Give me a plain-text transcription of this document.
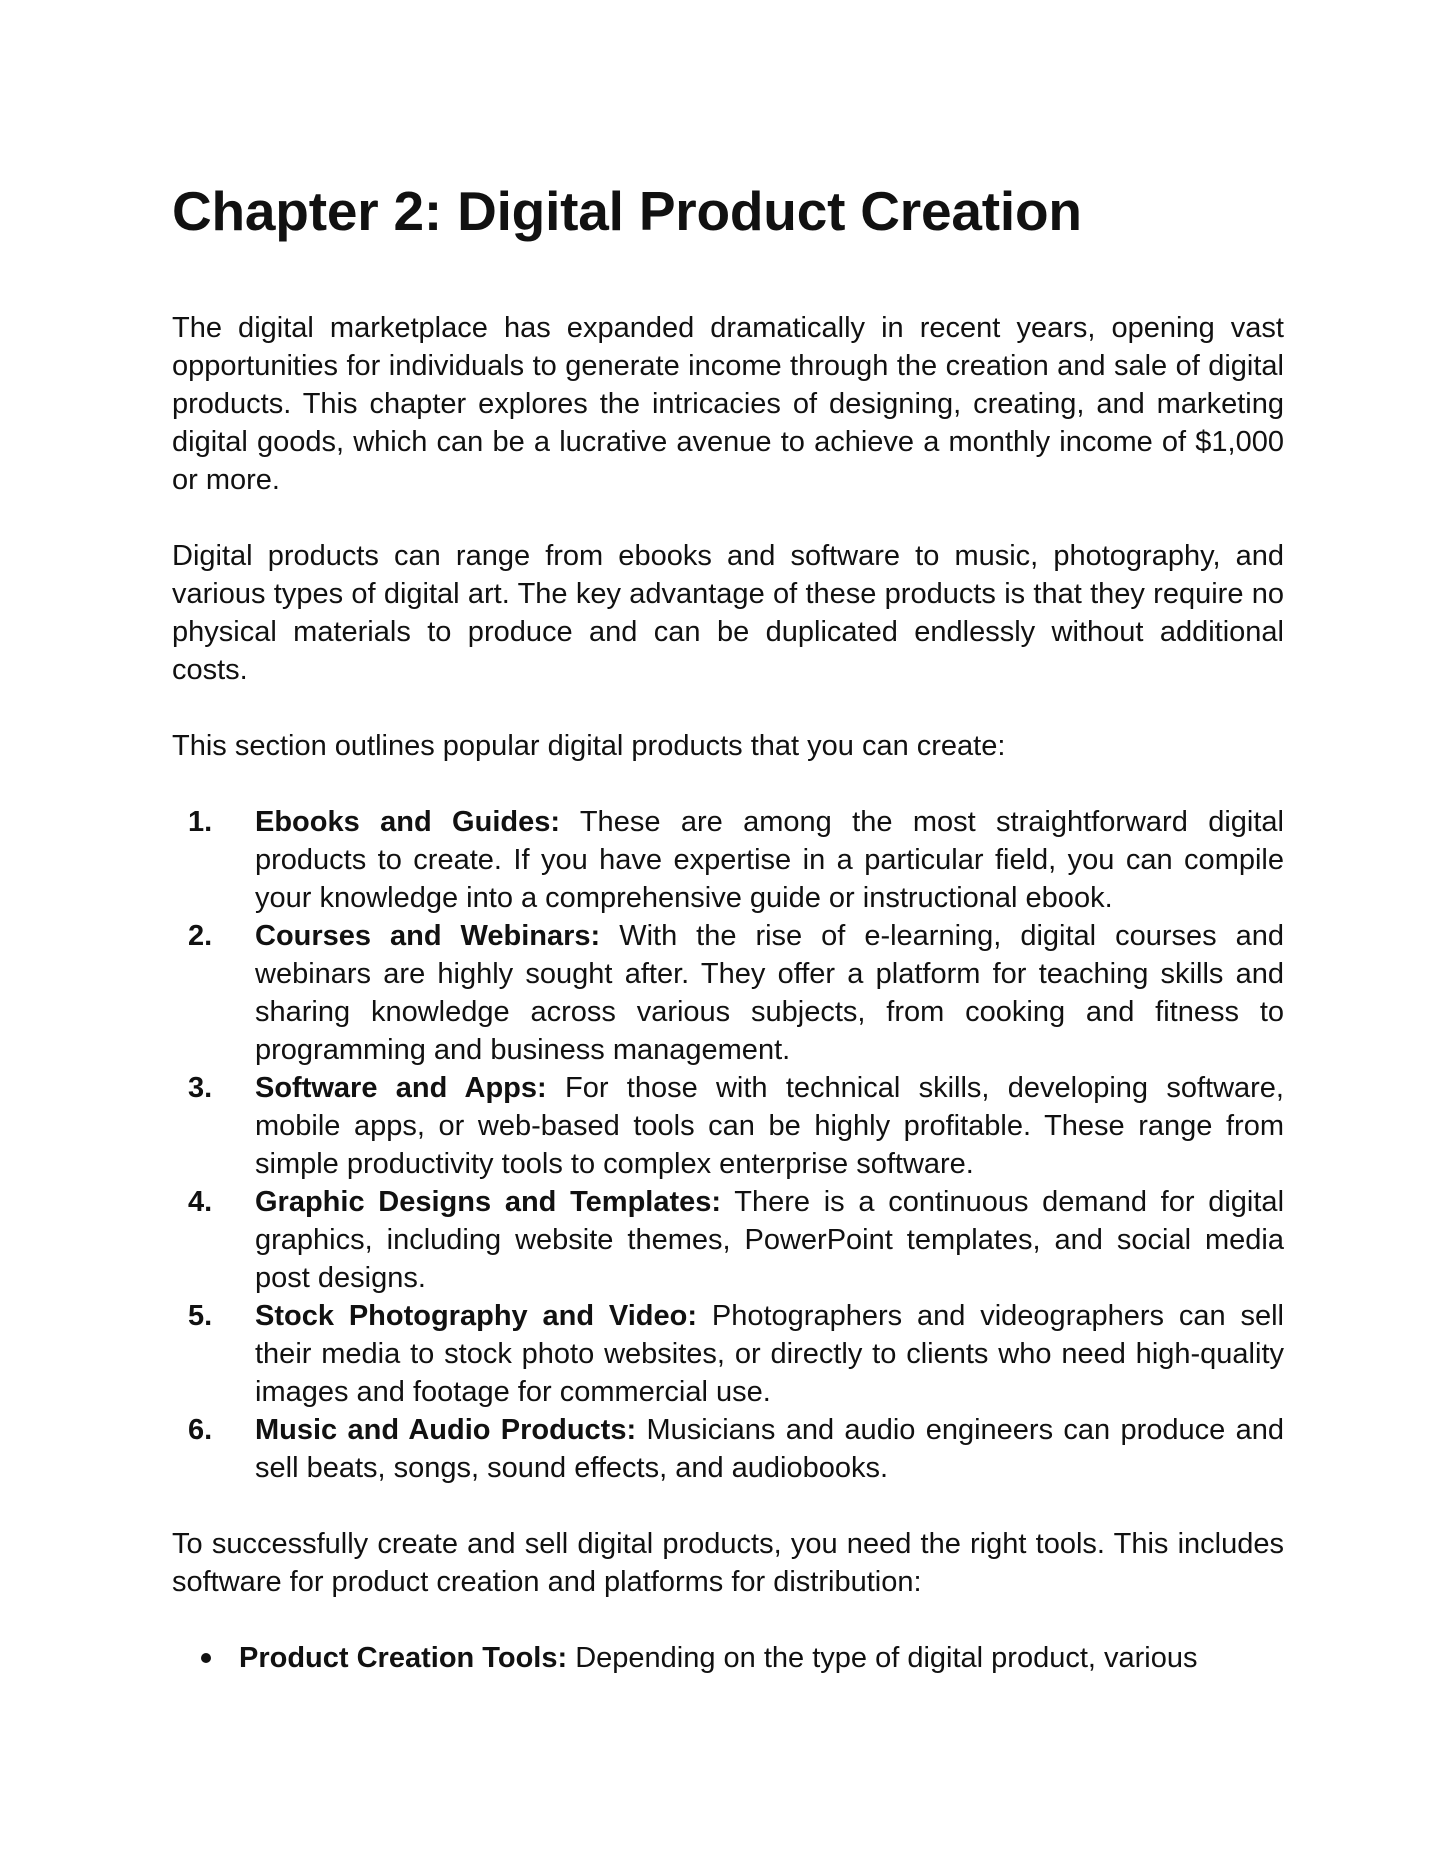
Chapter 2: Digital Product Creation

The digital marketplace has expanded dramatically in recent years, opening vast opportunities for individuals to generate income through the creation and sale of digital products. This chapter explores the intricacies of designing, creating, and marketing digital goods, which can be a lucrative avenue to achieve a monthly income of $1,000 or more.

Digital products can range from ebooks and software to music, photography, and various types of digital art. The key advantage of these products is that they require no physical materials to produce and can be duplicated endlessly without additional costs.

This section outlines popular digital products that you can create:

1. Ebooks and Guides: These are among the most straightforward digital products to create. If you have expertise in a particular field, you can compile your knowledge into a comprehensive guide or instructional ebook.
2. Courses and Webinars: With the rise of e-learning, digital courses and webinars are highly sought after. They offer a platform for teaching skills and sharing knowledge across various subjects, from cooking and fitness to programming and business management.
3. Software and Apps: For those with technical skills, developing software, mobile apps, or web-based tools can be highly profitable. These range from simple productivity tools to complex enterprise software.
4. Graphic Designs and Templates: There is a continuous demand for digital graphics, including website themes, PowerPoint templates, and social media post designs.
5. Stock Photography and Video: Photographers and videographers can sell their media to stock photo websites, or directly to clients who need high-quality images and footage for commercial use.
6. Music and Audio Products: Musicians and audio engineers can produce and sell beats, songs, sound effects, and audiobooks.

To successfully create and sell digital products, you need the right tools. This includes software for product creation and platforms for distribution:

Product Creation Tools: Depending on the type of digital product, various
